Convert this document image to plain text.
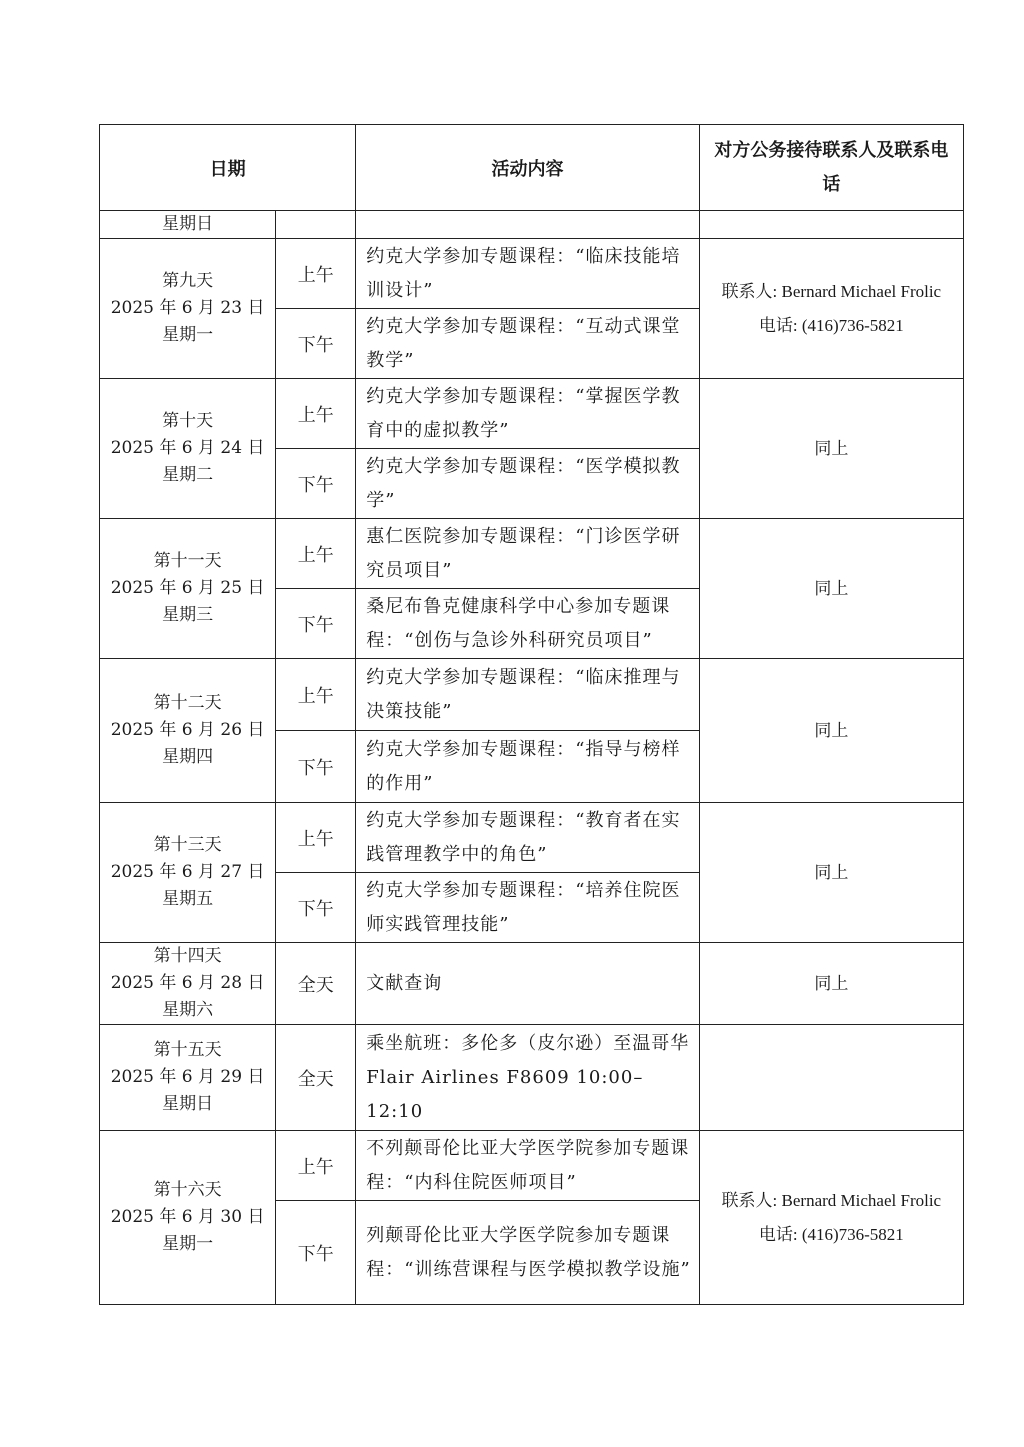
日期		活动内容	对方公务接待联系人及联系电话

星期日			

第九天
2025 年 6 月 23 日
星期一	上午	约克大学参加专题课程：“临床技能培训设计”	联系人: Bernard Michael Frolic
电话: (416)736-5821

	下午	约克大学参加专题课程：“互动式课堂教学”	

第十天
2025 年 6 月 24 日
星期二	上午	约克大学参加专题课程：“掌握医学教育中的虚拟教学”	同上
	下午	约克大学参加专题课程：“医学模拟教学”	

第十一天
2025 年 6 月 25 日
星期三	上午	惠仁医院参加专题课程：“门诊医学研究员项目”	同上
	下午	桑尼布鲁克健康科学中心参加专题课程：“创伤与急诊外科研究员项目”	

第十二天
2025 年 6 月 26 日
星期四	上午	约克大学参加专题课程：“临床推理与决策技能”	同上
	下午	约克大学参加专题课程：“指导与榜样的作用”	

第十三天
2025 年 6 月 27 日
星期五	上午	约克大学参加专题课程：“教育者在实践管理教学中的角色”	同上
	下午	约克大学参加专题课程：“培养住院医师实践管理技能”	

第十四天
2025 年 6 月 28 日
星期六	全天	文献查询	同上

第十五天
2025 年 6 月 29 日
星期日	全天	乘坐航班：多伦多（皮尔逊）至温哥华 Flair Airlines F8609 10:00–12:10	

第十六天
2025 年 6 月 30 日
星期一	上午	不列颠哥伦比亚大学医学院参加专题课程：“内科住院医师项目”	联系人: Bernard Michael Frolic
电话: (416)736-5821

	下午	列颠哥伦比亚大学医学院参加专题课程：“训练营课程与医学模拟教学设施”	
